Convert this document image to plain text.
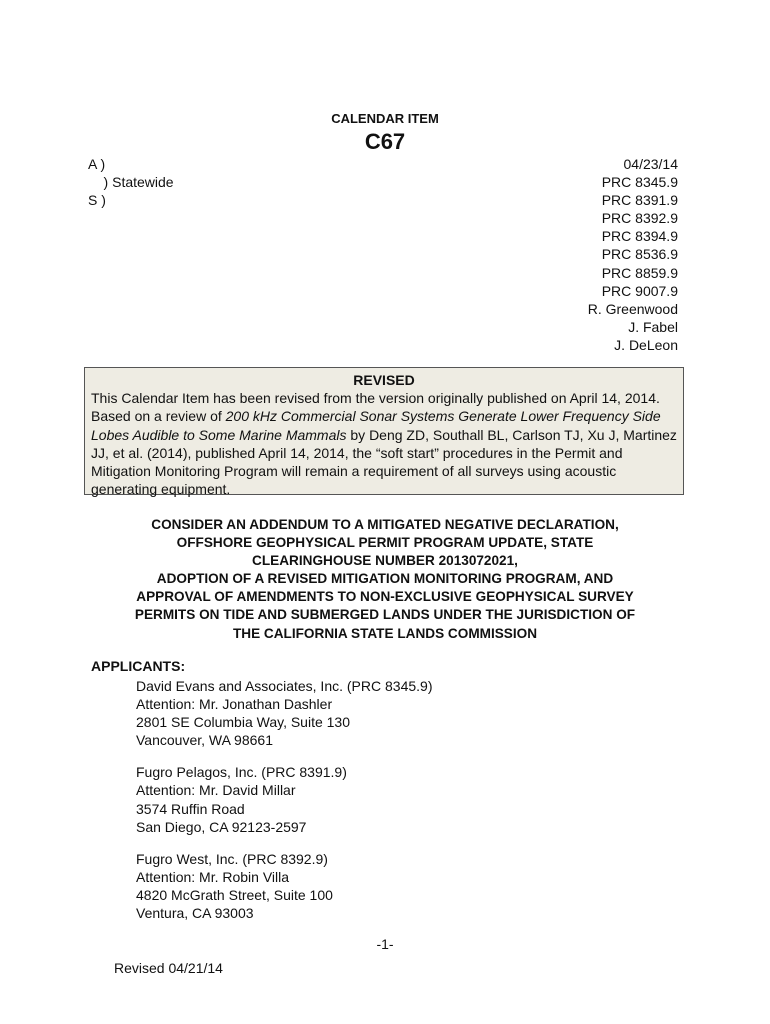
CALENDAR ITEM
C67
A )
) Statewide
S )
04/23/14
PRC 8345.9
PRC 8391.9
PRC 8392.9
PRC 8394.9
PRC 8536.9
PRC 8859.9
PRC 9007.9
R. Greenwood
J. Fabel
J. DeLeon
REVISED
This Calendar Item has been revised from the version originally published on April 14, 2014. Based on a review of 200 kHz Commercial Sonar Systems Generate Lower Frequency Side Lobes Audible to Some Marine Mammals by Deng ZD, Southall BL, Carlson TJ, Xu J, Martinez JJ, et al. (2014), published April 14, 2014, the “soft start” procedures in the Permit and Mitigation Monitoring Program will remain a requirement of all surveys using acoustic generating equipment.
CONSIDER AN ADDENDUM TO A MITIGATED NEGATIVE DECLARATION,
OFFSHORE GEOPHYSICAL PERMIT PROGRAM UPDATE, STATE
CLEARINGHOUSE NUMBER 2013072021,
ADOPTION OF A REVISED MITIGATION MONITORING PROGRAM, AND
APPROVAL OF AMENDMENTS TO NON-EXCLUSIVE GEOPHYSICAL SURVEY
PERMITS ON TIDE AND SUBMERGED LANDS UNDER THE JURISDICTION OF
THE CALIFORNIA STATE LANDS COMMISSION
APPLICANTS:
David Evans and Associates, Inc. (PRC 8345.9)
Attention: Mr. Jonathan Dashler
2801 SE Columbia Way, Suite 130
Vancouver, WA 98661
Fugro Pelagos, Inc. (PRC 8391.9)
Attention: Mr. David Millar
3574 Ruffin Road
San Diego, CA 92123-2597
Fugro West, Inc. (PRC 8392.9)
Attention: Mr. Robin Villa
4820 McGrath Street, Suite 100
Ventura, CA 93003
-1-
Revised 04/21/14
